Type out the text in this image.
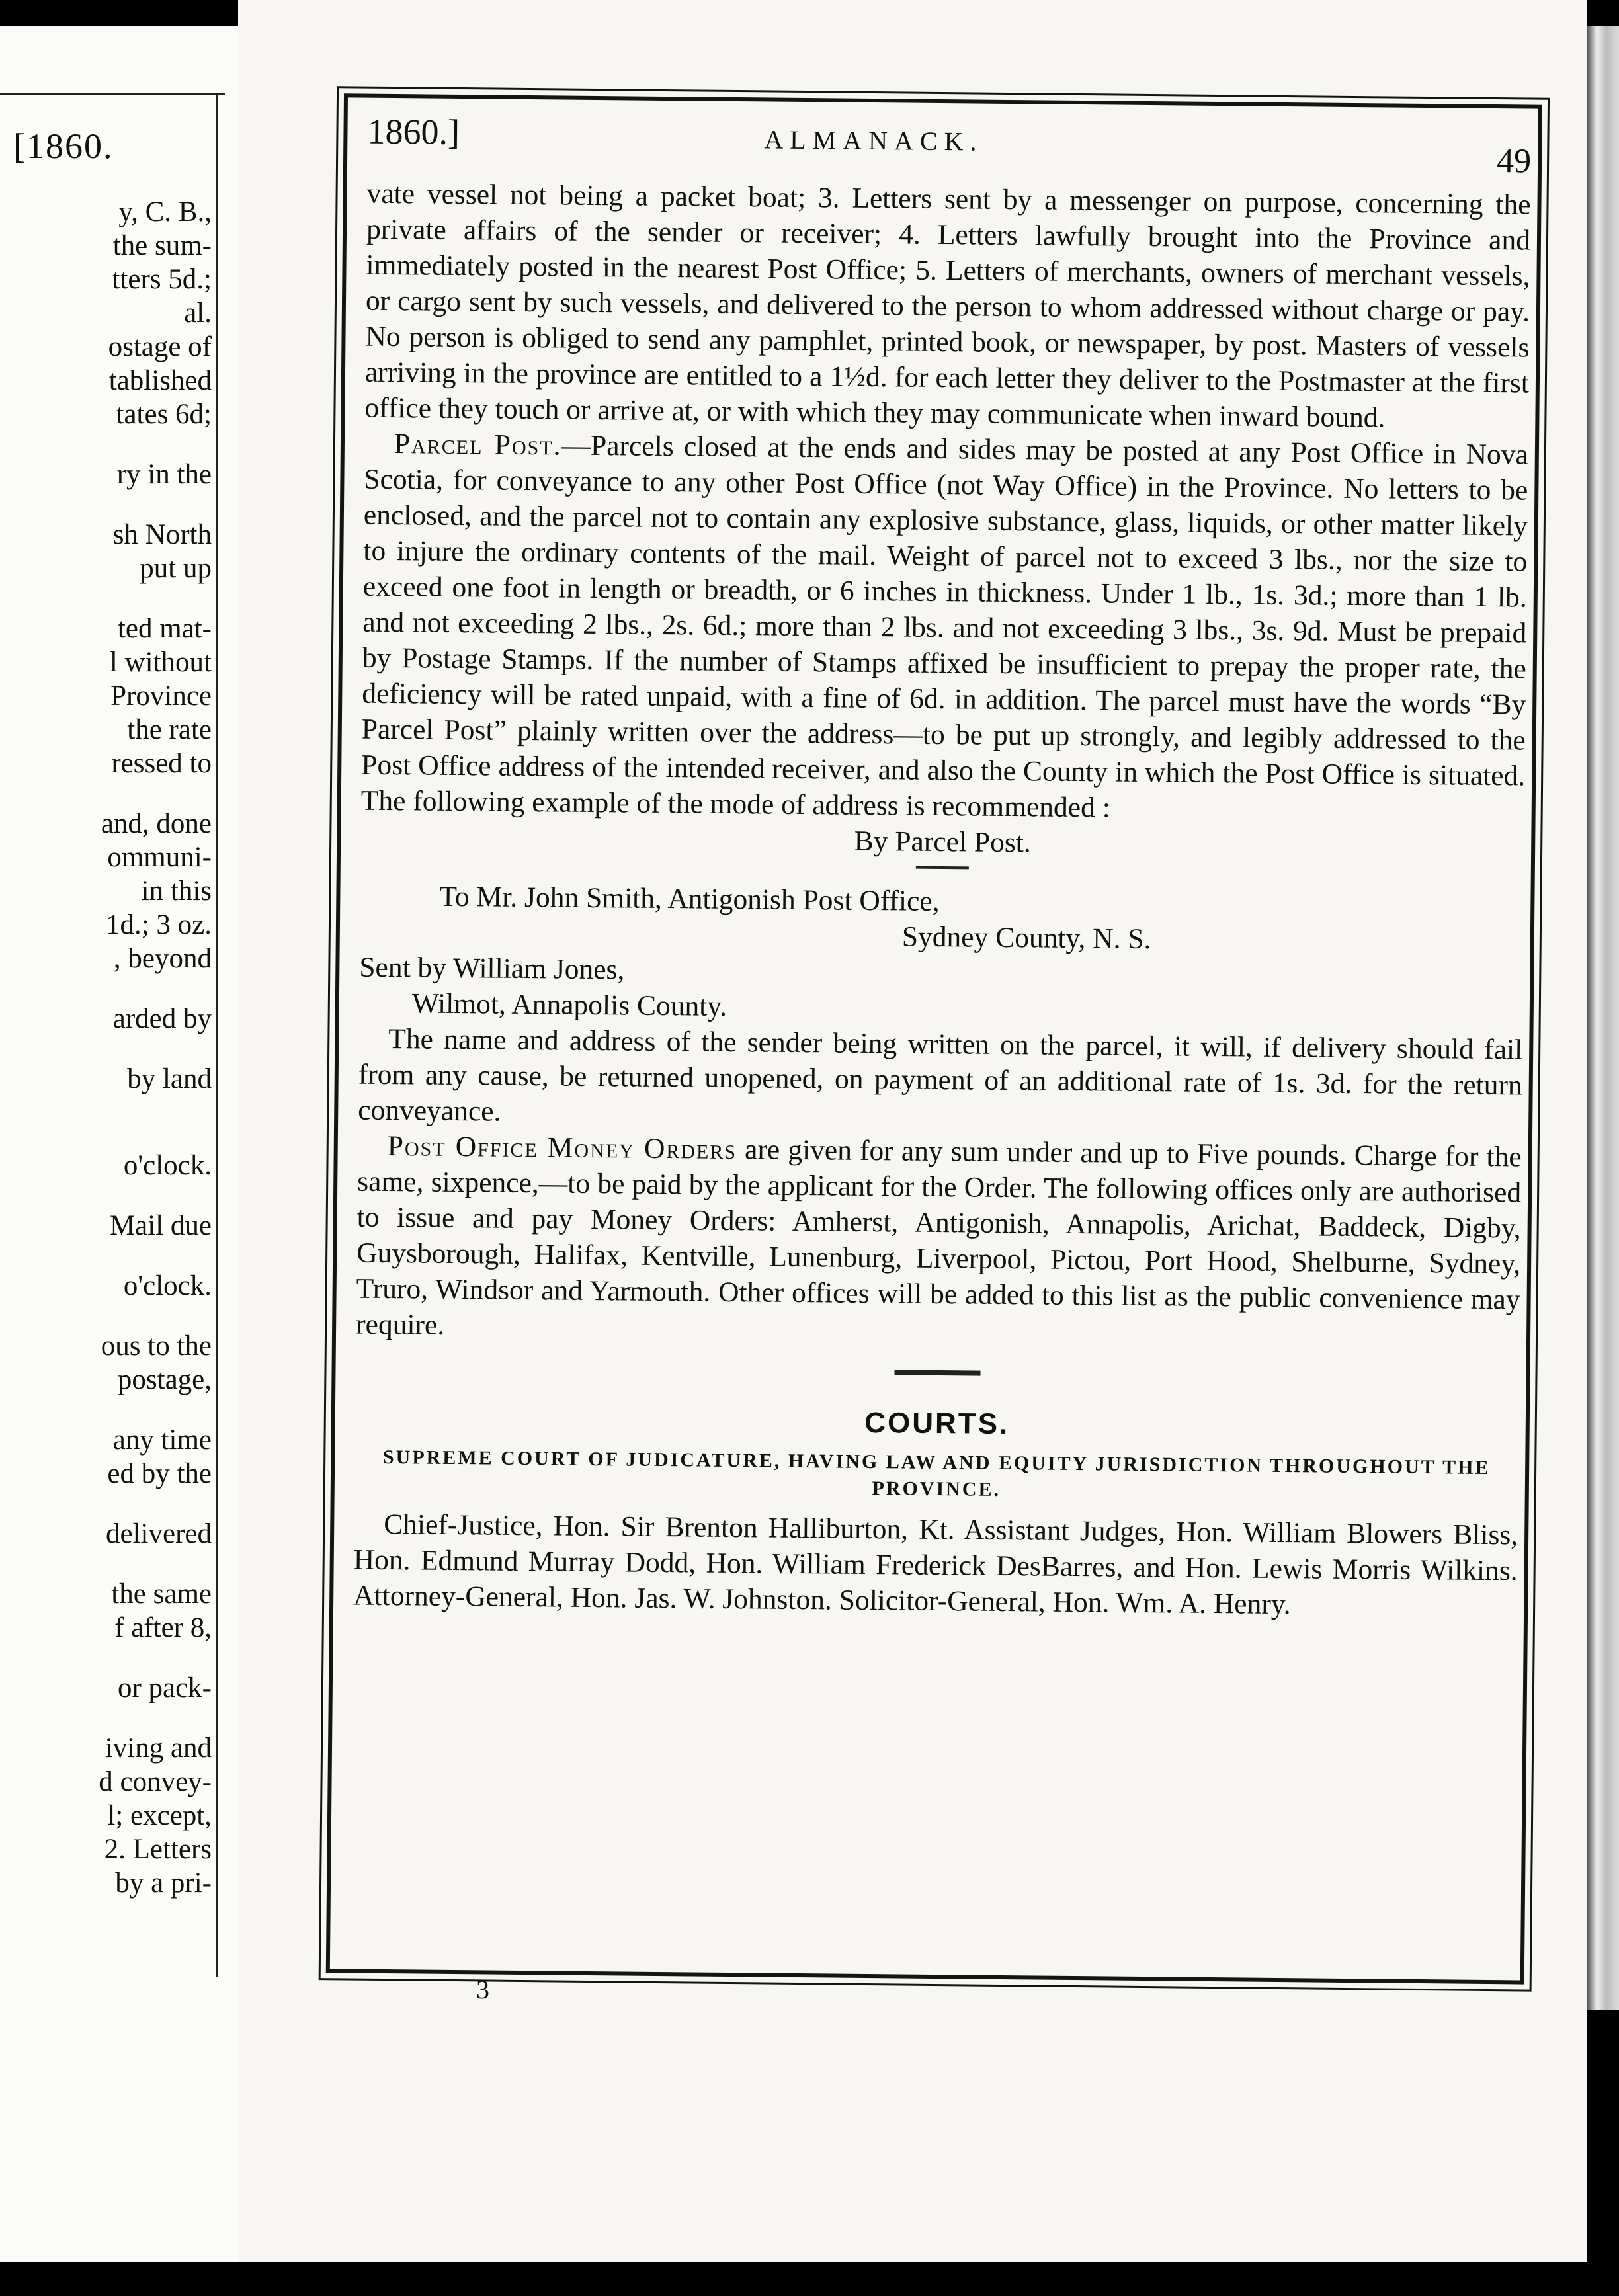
[1860.
y, C. B.,
the sum-
tters 5d.;
al.
ostage of
tablished
tates 6d;
ry in the
sh North
put up
ted mat-
l without
Province
the rate
ressed to
and, done
ommuni-
in this
1d.; 3 oz.
, beyond
arded by
by land
o'clock.
Mail due
o'clock.
ous to the
postage,
any time
ed by the
delivered
the same
f after 8,
or pack-
iving and
d convey-
l; except,
2. Letters
by a pri-
1860.]	ALMANACK.
49

vate vessel not being a packet boat; 3. Letters sent by a messenger on purpose, concerning the private affairs of the sender or receiver; 4. Letters lawfully brought into the Province and immediately posted in the nearest Post Office; 5. Letters of merchants, owners of merchant vessels, or cargo sent by such vessels, and delivered to the person to whom addressed without charge or pay. No person is obliged to send any pamphlet, printed book, or newspaper, by post. Masters of vessels arriving in the province are entitled to a 1½d. for each letter they deliver to the Postmaster at the first office they touch or arrive at, or with which they may communicate when inward bound.

Parcel Post.—Parcels closed at the ends and sides may be posted at any Post Office in Nova Scotia, for conveyance to any other Post Office (not Way Office) in the Province. No letters to be enclosed, and the parcel not to contain any explosive substance, glass, liquids, or other matter likely to injure the ordinary contents of the mail. Weight of parcel not to exceed 3 lbs., nor the size to exceed one foot in length or breadth, or 6 inches in thickness. Under 1 lb., 1s. 3d.; more than 1 lb. and not exceeding 2 lbs., 2s. 6d.; more than 2 lbs. and not exceeding 3 lbs., 3s. 9d. Must be prepaid by Postage Stamps. If the number of Stamps affixed be insufficient to prepay the proper rate, the deficiency will be rated unpaid, with a fine of 6d. in addition. The parcel must have the words “By Parcel Post” plainly written over the address—to be put up strongly, and legibly addressed to the Post Office address of the intended receiver, and also the County in which the Post Office is situated. The following example of the mode of address is recommended :

By Parcel Post.

To Mr. John Smith, Antigonish Post Office,

Sydney County, N. S.

Sent by William Jones,

Wilmot, Annapolis County.

The name and address of the sender being written on the parcel, it will, if delivery should fail from any cause, be returned unopened, on payment of an additional rate of 1s. 3d. for the return conveyance.

Post Office Money Orders are given for any sum under and up to Five pounds. Charge for the same, sixpence,—to be paid by the applicant for the Order. The following offices only are authorised to issue and pay Money Orders: Amherst, Antigonish, Annapolis, Arichat, Baddeck, Digby, Guysborough, Halifax, Kentville, Lunenburg, Liverpool, Pictou, Port Hood, Shelburne, Sydney, Truro, Windsor and Yarmouth. Other offices will be added to this list as the public convenience may require.

COURTS.
SUPREME COURT OF JUDICATURE, HAVING LAW AND EQUITY JURISDICTION THROUGHOUT THE PROVINCE.

Chief-Justice, Hon. Sir Brenton Halliburton, Kt. Assistant Judges, Hon. William Blowers Bliss, Hon. Edmund Murray Dodd, Hon. William Frederick DesBarres, and Hon. Lewis Morris Wilkins. Attorney-General, Hon. Jas. W. Johnston. Solicitor-General, Hon. Wm. A. Henry.

3
